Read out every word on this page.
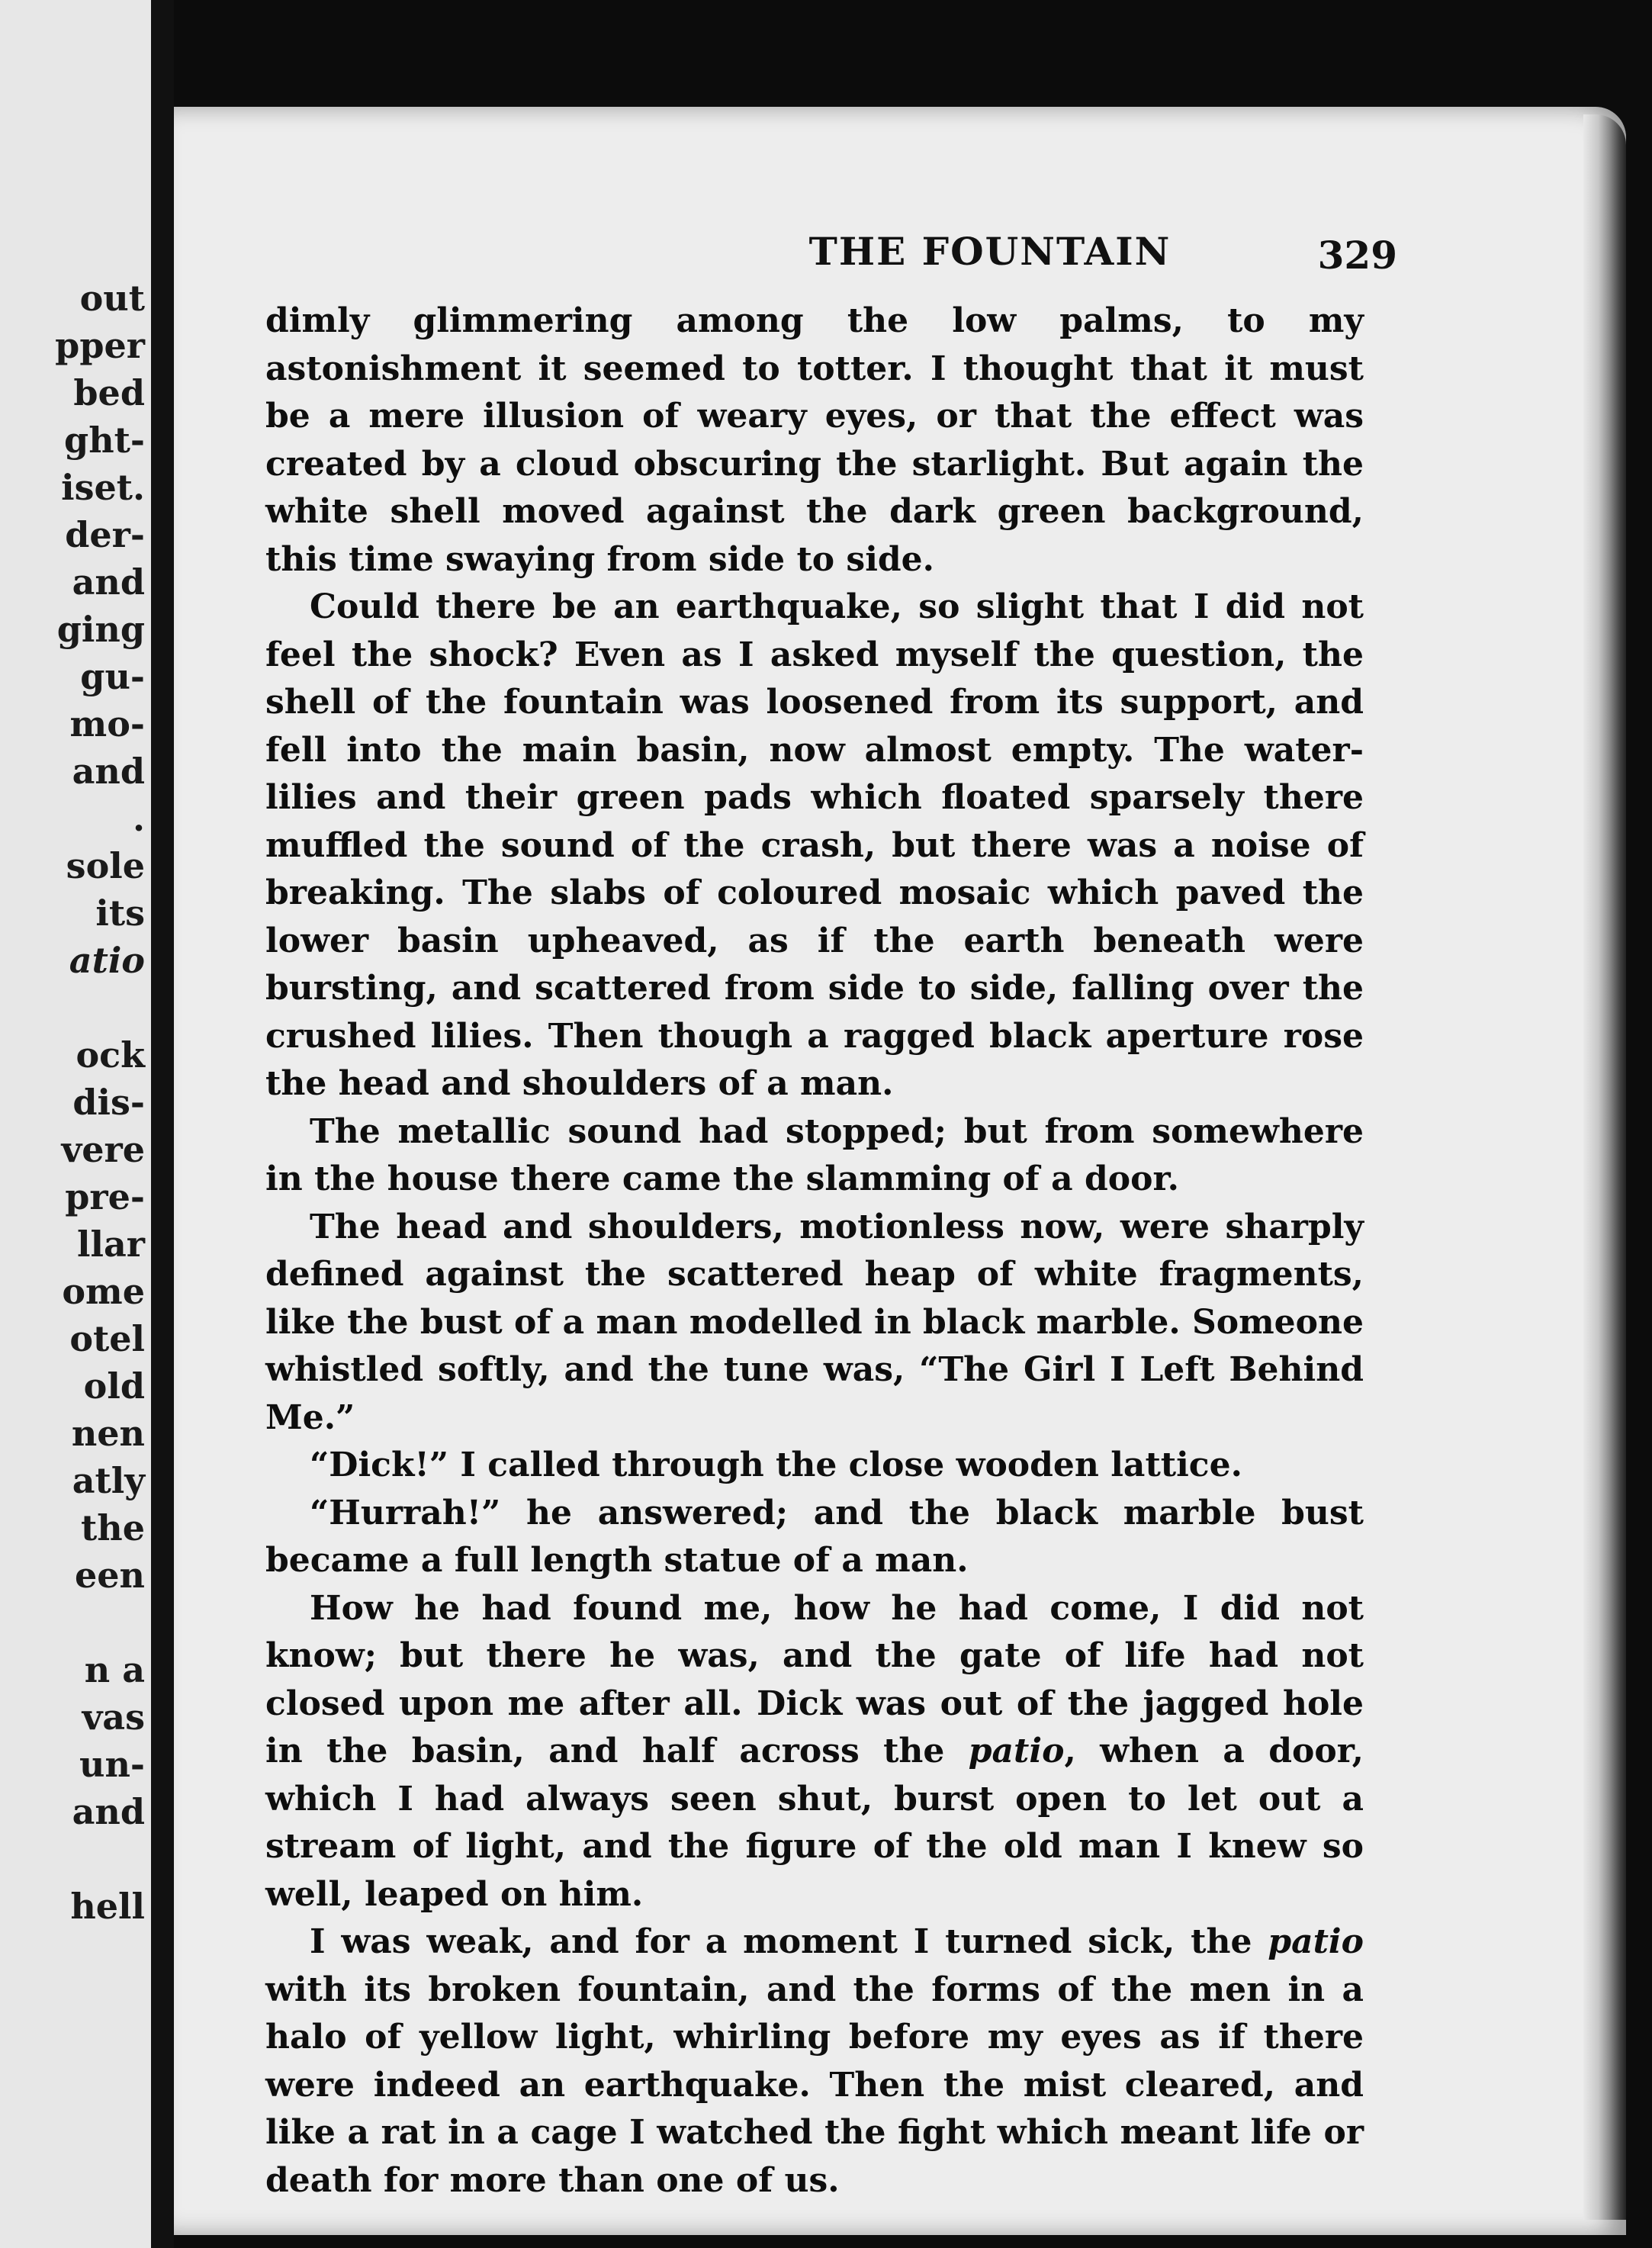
out
pper
bed
ght-
iset.
der-
and
ging
gu-
mo-
and
.
sole
its
atio
ock
dis-
vere
pre-
llar
ome
otel
old
nen
atly
the
een
n a
vas
un-
and
hell
THE FOUNTAIN	329

dimly glimmering among the low palms, to my astonishment it seemed to totter. I thought that it must be a mere illusion of weary eyes, or that the effect was created by a cloud obscuring the starlight. But again the white shell moved against the dark green background, this time swaying from side to side.

Could there be an earthquake, so slight that I did not feel the shock? Even as I asked myself the question, the shell of the fountain was loosened from its support, and fell into the main basin, now almost empty. The water-lilies and their green pads which floated sparsely there muffled the sound of the crash, but there was a noise of breaking. The slabs of coloured mosaic which paved the lower basin upheaved, as if the earth beneath were bursting, and scattered from side to side, falling over the crushed lilies. Then though a ragged black aperture rose the head and shoulders of a man.

The metallic sound had stopped; but from somewhere in the house there came the slamming of a door.

The head and shoulders, motionless now, were sharply defined against the scattered heap of white fragments, like the bust of a man modelled in black marble. Someone whistled softly, and the tune was, “The Girl I Left Behind Me.”

“Dick!” I called through the close wooden lattice.

“Hurrah!” he answered; and the black marble bust became a full length statue of a man.

How he had found me, how he had come, I did not know; but there he was, and the gate of life had not closed upon me after all. Dick was out of the jagged hole in the basin, and half across the patio, when a door, which I had always seen shut, burst open to let out a stream of light, and the figure of the old man I knew so well, leaped on him.

I was weak, and for a moment I turned sick, the patio with its broken fountain, and the forms of the men in a halo of yellow light, whirling before my eyes as if there were indeed an earthquake. Then the mist cleared, and like a rat in a cage I watched the fight which meant life or death for more than one of us.
